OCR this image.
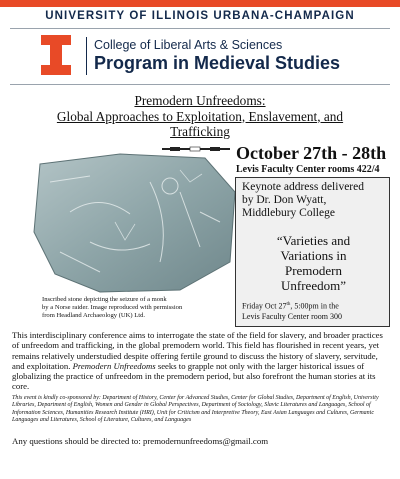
UNIVERSITY OF ILLINOIS URBANA-CHAMPAIGN
College of Liberal Arts & Sciences
Program in Medieval Studies
Premodern Unfreedoms:
Global Approaches to Exploitation, Enslavement, and
Trafficking
Inscribed stone depicting the seizure of a monk
by a Norse raider. Image reproduced with permission
from Headland Archaeology (UK) Ltd.
October 27th - 28th
Levis Faculty Center rooms 422/4
Keynote address delivered
by Dr. Don Wyatt,
Middlebury College
“Varieties and
Variations in
Premodern
Unfreedom”
Friday Oct 27th, 5:00pm in the
Levis Faculty Center room 300
This interdisciplinary conference aims to interrogate the state of the field for slavery, and broader practices of unfreedom and trafficking, in the global premodern world. This field has flourished in recent years, yet remains relatively understudied despite offering fertile ground to discuss the history of slavery, servitude, and exploitation. Premodern Unfreedoms seeks to grapple not only with the larger historical issues of globalizing the practice of unfreedom in the premodern period, but also forefront the human stories at its core.
This event is kindly co-sponsored by: Department of History, Center for Advanced Studies, Center for Global Studies, Department of English, University Libraries, Department of English, Women and Gender in Global Perspectives, Department of Sociology, Slavic Literatures and Languages, School of Information Sciences, Humanities Research Institute (HRI), Unit for Criticism and Interpretive Theory, East Asian Languages and Cultures, Germanic Languages and Literatures, School of Literature, Cultures, and Languages
Any questions should be directed to: premodernunfreedoms@gmail.com
